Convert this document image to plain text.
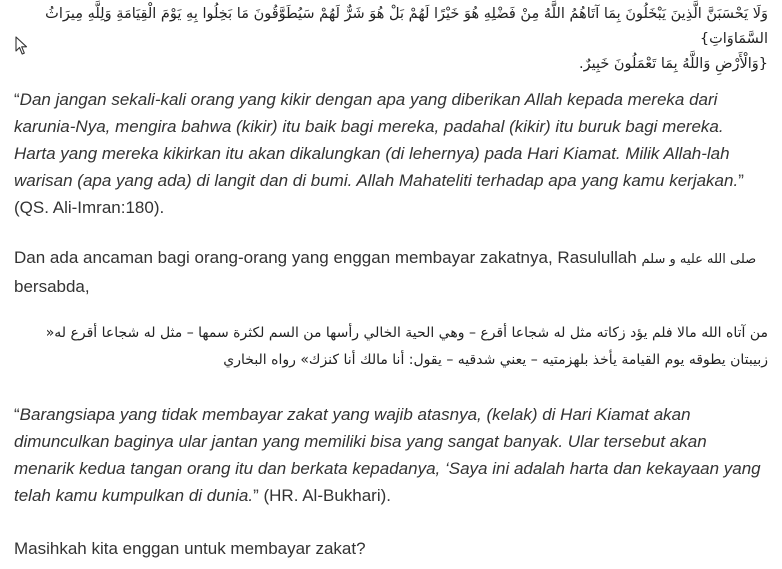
وَلَا يَحْسَبَنَّ الَّذِينَ يَبْخَلُونَ بِمَا آتَاهُمُ اللَّهُ مِنْ فَضْلِهِ هُوَ خَيْرًا لَهُمْ بَلْ هُوَ شَرٌّ لَهُمْ سَيُطَوَّقُونَ مَا بَخِلُوا بِهِ يَوْمَ الْقِيَامَةِ وَلِلَّهِ مِيرَاثُ السَّمَاوَاتِ}
{وَالْأَرْضِ وَاللَّهُ بِمَا تَعْمَلُونَ خَبِيرٌ.

“Dan jangan sekali-kali orang yang kikir dengan apa yang diberikan Allah kepada mereka dari karunia-Nya, mengira bahwa (kikir) itu baik bagi mereka, padahal (kikir) itu buruk bagi mereka. Harta yang mereka kikirkan itu akan dikalungkan (di lehernya) pada Hari Kiamat. Milik Allah-lah warisan (apa yang ada) di langit dan di bumi. Allah Mahateliti terhadap apa yang kamu kerjakan.” (QS. Ali-Imran:180).

Dan ada ancaman bagi orang-orang yang enggan membayar zakatnya, Rasulullah صلى الله عليه و سلم bersabda,

من آتاه الله مالا فلم يؤد زكاته مثل له شجاعا أقرع – وهي الحية الخالي رأسها من السم لكثرة سمها – مثل له شجاعا أقرع له«
زبيبتان يطوقه يوم القيامة يأخذ بلهزمتيه – يعني شدقيه – يقول: أنا مالك أنا كنزك» رواه البخاري

“Barangsiapa yang tidak membayar zakat yang wajib atasnya, (kelak) di Hari Kiamat akan dimunculkan baginya ular jantan yang memiliki bisa yang sangat banyak. Ular tersebut akan menarik kedua tangan orang itu dan berkata kepadanya, ‘Saya ini adalah harta dan kekayaan yang telah kamu kumpulkan di dunia.” (HR. Al-Bukhari).

Masihkah kita enggan untuk membayar zakat?
